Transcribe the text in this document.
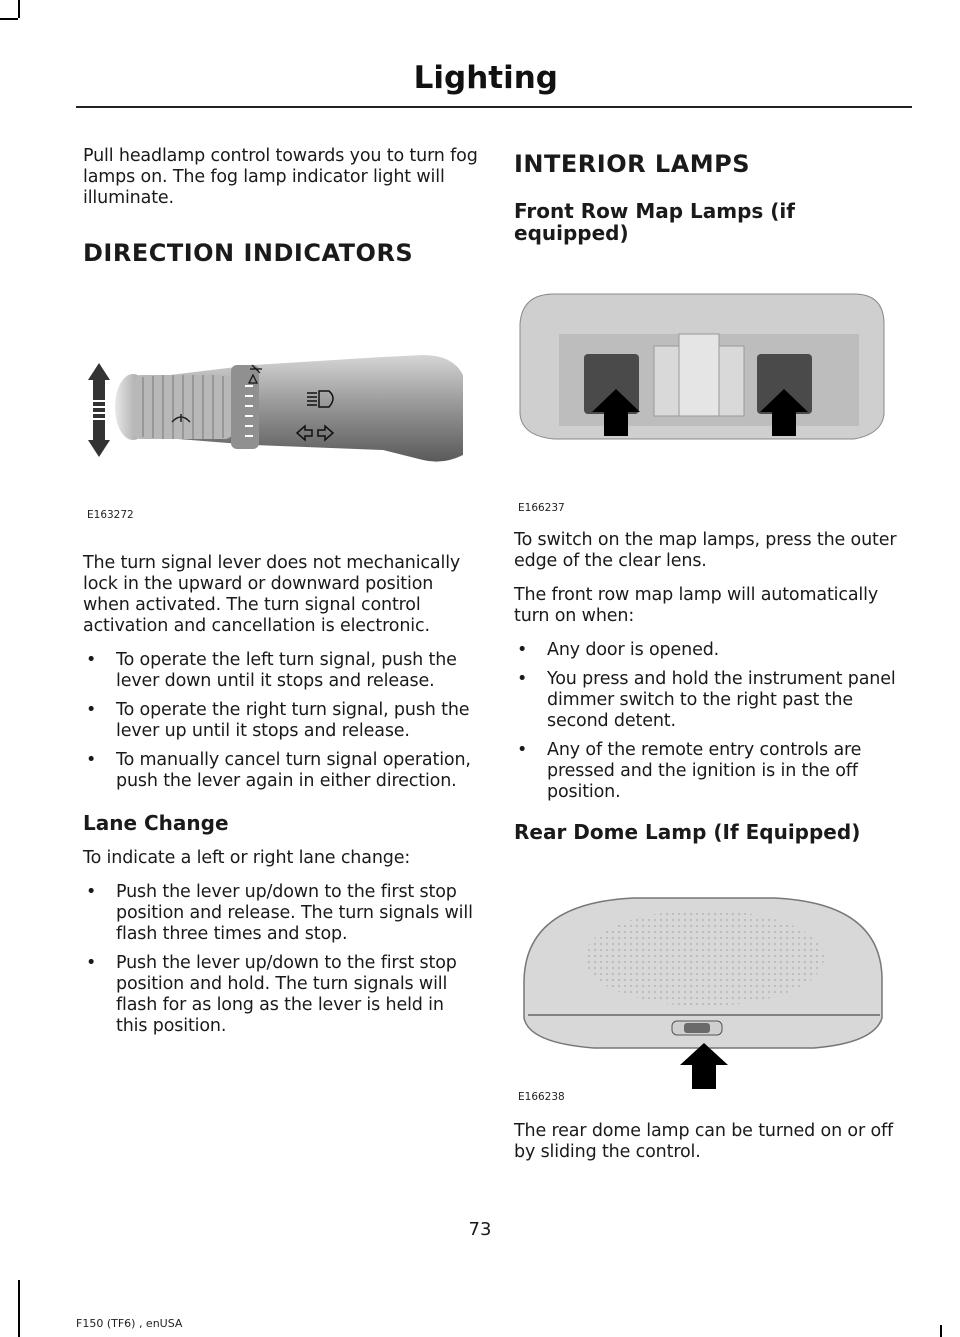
Lighting

Pull headlamp control towards you to turn fog lamps on. The fog lamp indicator light will illuminate.

DIRECTION INDICATORS
E163272

The turn signal lever does not mechanically lock in the upward or downward position when activated. The turn signal control activation and cancellation is electronic.

• To operate the left turn signal, push the lever down until it stops and release.
• To operate the right turn signal, push the lever up until it stops and release.
• To manually cancel turn signal operation, push the lever again in either direction.
Lane Change

To indicate a left or right lane change:

• Push the lever up/down to the first stop position and release. The turn signals will flash three times and stop.
• Push the lever up/down to the first stop position and hold. The turn signals will flash for as long as the lever is held in this position.
INTERIOR LAMPS
Front Row Map Lamps (if equipped)
E166237

To switch on the map lamps, press the outer edge of the clear lens.

The front row map lamp will automatically turn on when:

• Any door is opened.
• You press and hold the instrument panel dimmer switch to the right past the second detent.
• Any of the remote entry controls are pressed and the ignition is in the off position.
Rear Dome Lamp (If Equipped)
E166238

The rear dome lamp can be turned on or off by sliding the control.

73
F150 (TF6) , enUSA
